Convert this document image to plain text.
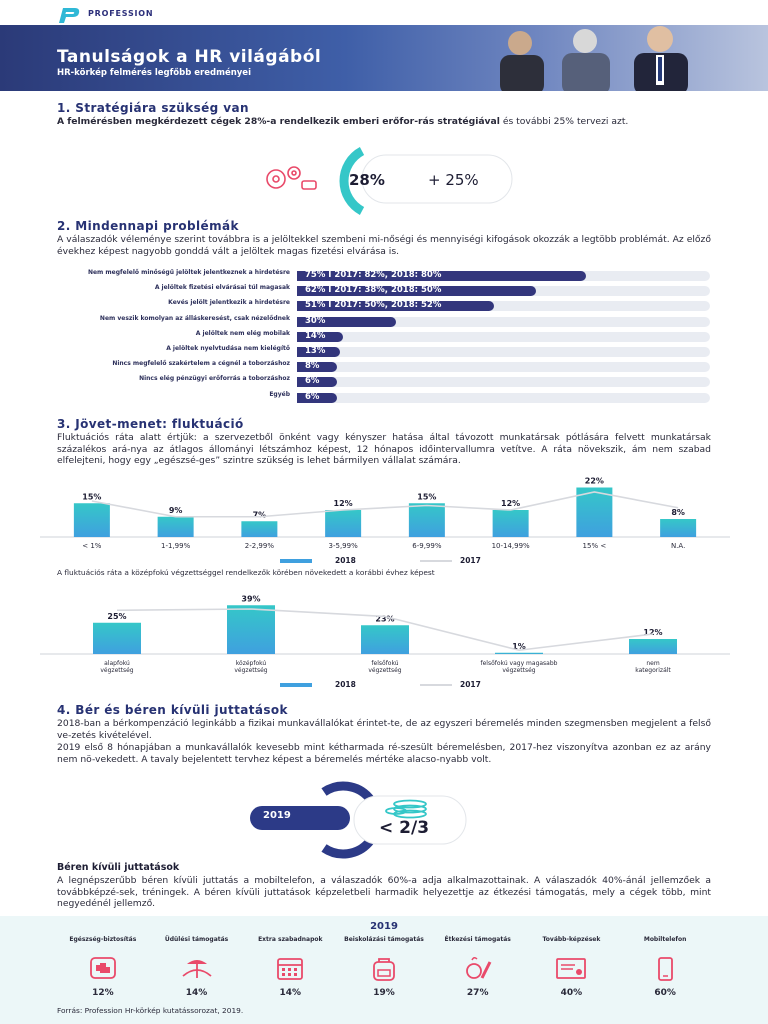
PROFESSION
Tanulságok a HR világából
HR-körkép felmérés legfőbb eredményei
1. Stratégiára szükség van
A felmérésben megkérdezett cégek 28%-a rendelkezik emberi erőfor-rás stratégiával és további 25% tervezi azt.
28%	+ 25%
2. Mindennapi problémák
A válaszadók véleménye szerint továbbra is a jelöltekkel szembeni mi-nőségi és mennyiségi kifogások okozzák a legtöbb problémát. Az előző évekhez képest nagyobb gonddá vált a jelöltek magas fizetési elvárása is.
Nem megfelelő minőségű jelöltek jelentkeznek a hirdetésre 75% I 2017: 82%, 2018: 80%
A jelöltek fizetési elvárásai túl magasak 62% I 2017: 38%, 2018: 50%
Kevés jelölt jelentkezik a hirdetésre 51% I 2017: 50%, 2018: 52%
Nem veszik komolyan az álláskeresést, csak nézelődnek 30%
A jelöltek nem elég mobilak 14%
A jelöltek nyelvtudása nem kielégítő 13%
Nincs megfelelő szakértelem a cégnél a toborzáshoz 8%
Nincs elég pénzügyi erőforrás a toborzáshoz 6%
Egyéb 6%
3. Jövet-menet: fluktuáció
Fluktuációs ráta alatt értjük: a szervezetből önként vagy kényszer hatása által távozott munkatársak pótlására felvett munkatársak százalékos ará-nya az átlagos állományi létszámhoz képest, 12 hónapos időintervallumra vetítve. A ráta növekszik, ám nem szabad elfelejteni, hogy egy „egészsé-ges” szintre szükség is lehet bármilyen vállalat számára.
15%
< 1%
9%
1-1,99%
7%
2-2,99%
12%
3-5,99%
15%
6-9,99%
12%
10-14,99%
22%
15% <
8%
N.A.
2018	2017
A fluktuációs ráta a középfokú végzettséggel rendelkezők körében növekedett a korábbi évhez képest
25%
alapfokú
végzettség
39%
középfokú
végzettség
23%
felsőfokú
végzettség
1%
felsőfokú vagy magasabb
végzettség
12%
nem
kategorizált
2018	2017
4. Bér és béren kívüli juttatások
2018-ban a bérkompenzáció leginkább a fizikai munkavállalókat érintet-te, de az egyszeri béremelés minden szegmensben megjelent a felső ve-zetés kivételével.
2019 első 8 hónapjában a munkavállalók kevesebb mint kétharmada ré-szesült béremelésben, 2017-hez viszonyítva azonban ez az arány nem nö-vekedett. A tavaly bejelentett tervhez képest a béremelés mértéke alacso-nyabb volt.
2019
< 2/3
Béren kívüli juttatások
A legnépszerűbb béren kívüli juttatás a mobiltelefon, a válaszadók 60%-a adja alkalmazottainak. A válaszadók 40%-ánál jellemzőek a továbbképzé-sek, tréningek. A béren kívüli juttatások képzeletbeli harmadik helyezettje az étkezési támogatás, mely a cégek több, mint negyedénél jellemző.
2019
Egészség-biztosítás
12%
Üdülési támogatás
14%
Extra szabadnapok
14%
Beiskolázási támogatás
19%
Étkezési támogatás
27%
Tovább-képzések
40%
Mobiltelefon
60%
Forrás: Profession Hr-körkép kutatássorozat, 2019.
